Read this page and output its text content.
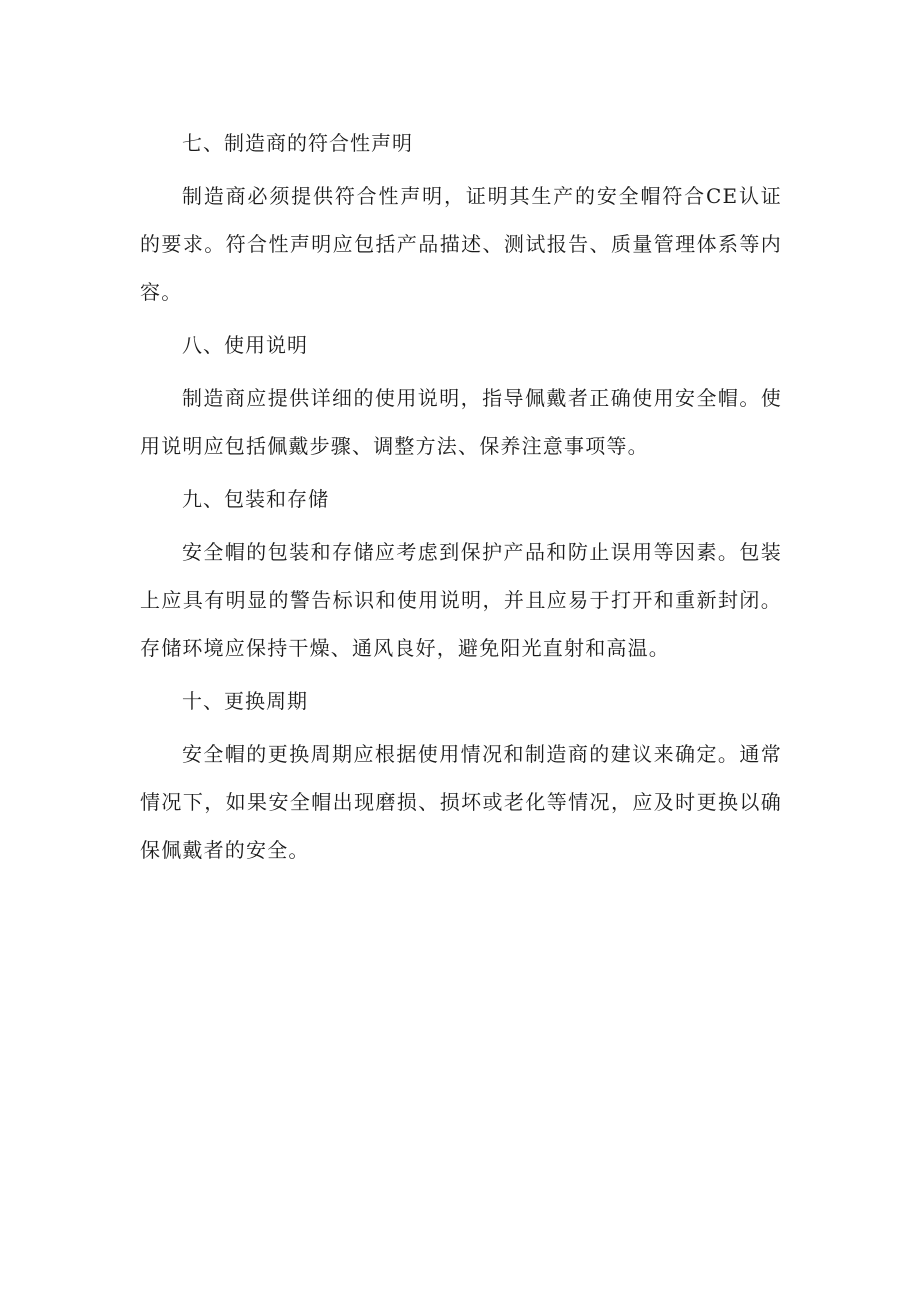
七、制造商的符合性声明

制造商必须提供符合性声明，证明其生产的安全帽符合CE认证的要求。符合性声明应包括产品描述、测试报告、质量管理体系等内容。

八、使用说明

制造商应提供详细的使用说明，指导佩戴者正确使用安全帽。使用说明应包括佩戴步骤、调整方法、保养注意事项等。

九、包装和存储

安全帽的包装和存储应考虑到保护产品和防止误用等因素。包装上应具有明显的警告标识和使用说明，并且应易于打开和重新封闭。存储环境应保持干燥、通风良好，避免阳光直射和高温。

十、更换周期

安全帽的更换周期应根据使用情况和制造商的建议来确定。通常情况下，如果安全帽出现磨损、损坏或老化等情况，应及时更换以确保佩戴者的安全。
